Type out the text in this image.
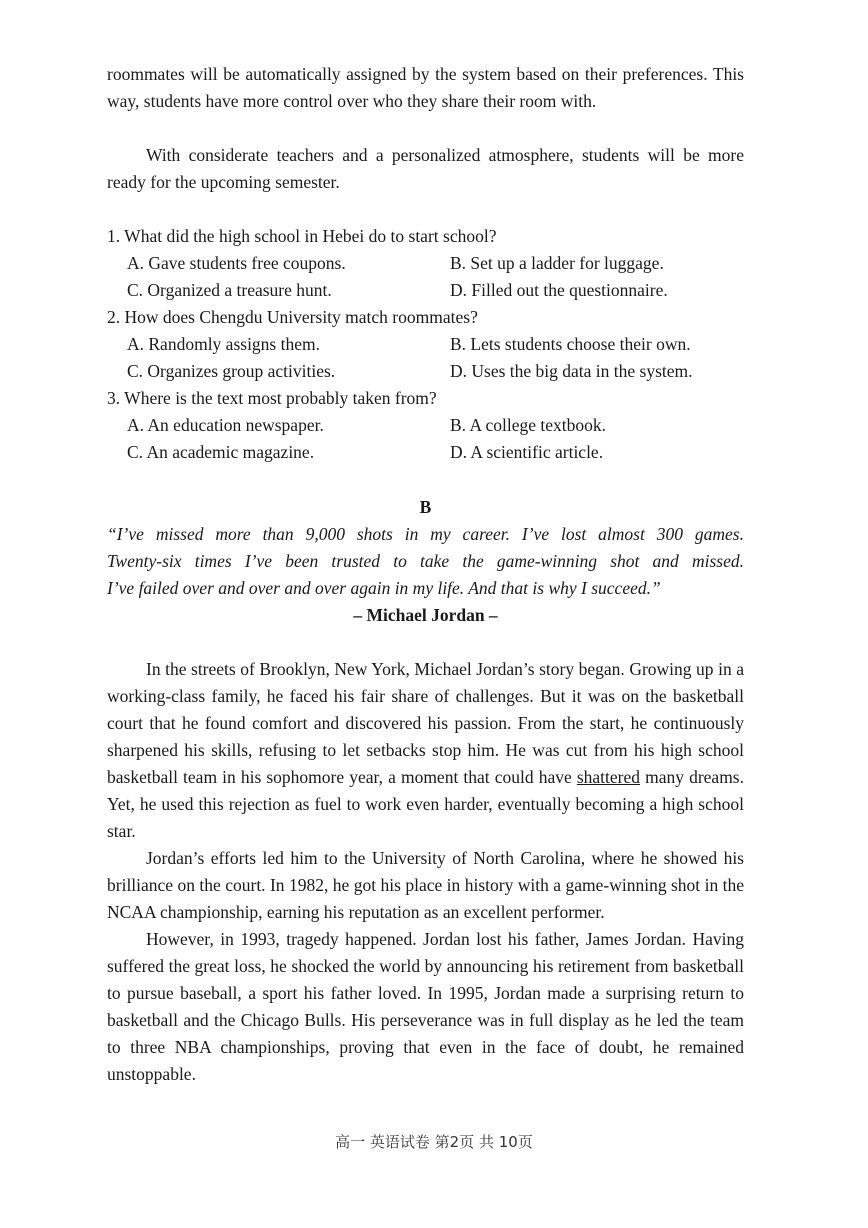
roommates will be automatically assigned by the system based on their preferences. This way, students have more control over who they share their room with.

With considerate teachers and a personalized atmosphere, students will be more ready for the upcoming semester.

1. What did the high school in Hebei do to start school?
A. Gave students free coupons.	B. Set up a ladder for luggage.
C. Organized a treasure hunt.	D. Filled out the questionnaire.
2. How does Chengdu University match roommates?
A. Randomly assigns them.	B. Lets students choose their own.
C. Organizes group activities.	D. Uses the big data in the system.
3. Where is the text most probably taken from?
A. An education newspaper.	B. A college textbook.
C. An academic magazine.	D. A scientific article.
B
“I’ve missed more than 9,000 shots in my career. I’ve lost almost 300 games.
Twenty-six times I’ve been trusted to take the game-winning shot and missed.
I’ve failed over and over and over again in my life. And that is why I succeed.”
– Michael Jordan –

In the streets of Brooklyn, New York, Michael Jordan’s story began. Growing up in a working-class family, he faced his fair share of challenges. But it was on the basketball court that he found comfort and discovered his passion. From the start, he continuously sharpened his skills, refusing to let setbacks stop him. He was cut from his high school basketball team in his sophomore year, a moment that could have shattered many dreams. Yet, he used this rejection as fuel to work even harder, eventually becoming a high school star.

Jordan’s efforts led him to the University of North Carolina, where he showed his brilliance on the court. In 1982, he got his place in history with a game-winning shot in the NCAA championship, earning his reputation as an excellent performer.

However, in 1993, tragedy happened. Jordan lost his father, James Jordan. Having suffered the great loss, he shocked the world by announcing his retirement from basketball to pursue baseball, a sport his father loved. In 1995, Jordan made a surprising return to basketball and the Chicago Bulls. His perseverance was in full display as he led the team to three NBA championships, proving that even in the face of doubt, he remained unstoppable.

高一 英语试卷 第2页 共 10页
